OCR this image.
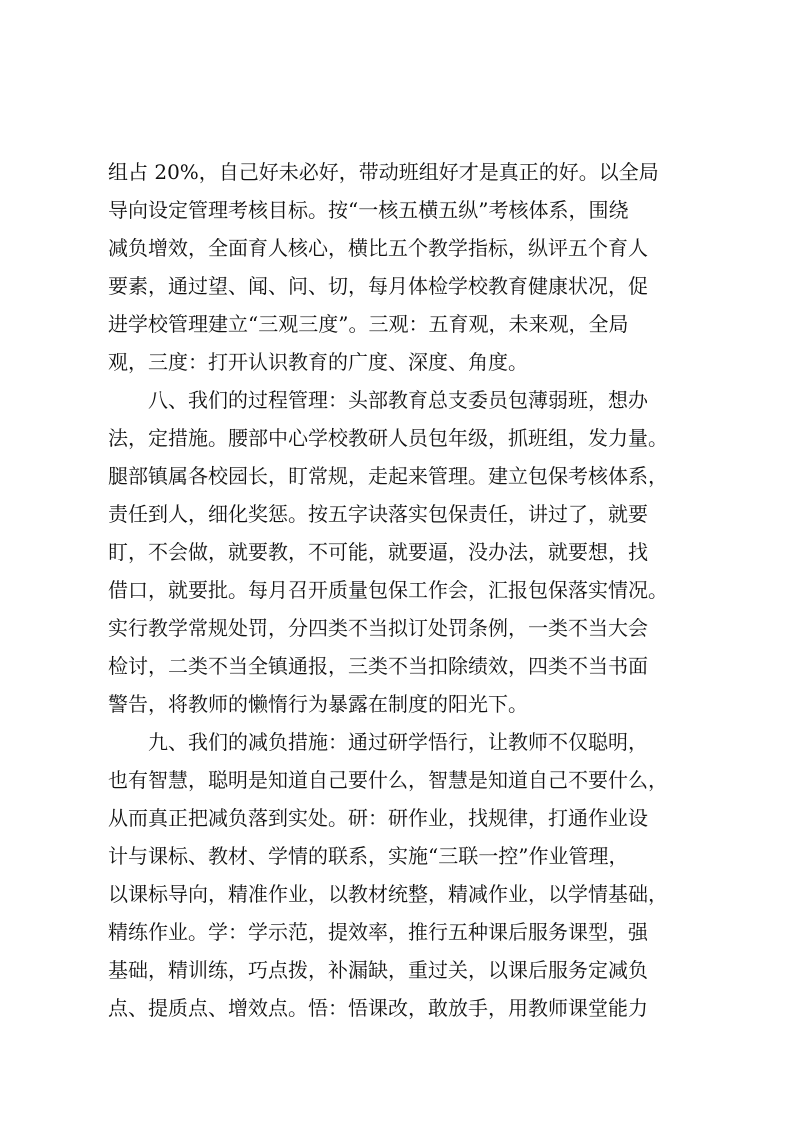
组占 20%，自己好未必好，带动班组好才是真正的好。以全局
导向设定管理考核目标。按“一核五横五纵”考核体系，围绕
减负增效，全面育人核心，横比五个教学指标，纵评五个育人
要素，通过望、闻、问、切，每月体检学校教育健康状况，促
进学校管理建立“三观三度”。三观：五育观，未来观，全局
观，三度：打开认识教育的广度、深度、角度。
八、我们的过程管理：头部教育总支委员包薄弱班，想办
法，定措施。腰部中心学校教研人员包年级，抓班组，发力量。
腿部镇属各校园长，盯常规，走起来管理。建立包保考核体系，
责任到人，细化奖惩。按五字诀落实包保责任，讲过了，就要
盯，不会做，就要教，不可能，就要逼，没办法，就要想，找
借口，就要批。每月召开质量包保工作会，汇报包保落实情况。
实行教学常规处罚，分四类不当拟订处罚条例，一类不当大会
检讨，二类不当全镇通报，三类不当扣除绩效，四类不当书面
警告，将教师的懒惰行为暴露在制度的阳光下。
九、我们的减负措施：通过研学悟行，让教师不仅聪明，
也有智慧，聪明是知道自己要什么，智慧是知道自己不要什么，
从而真正把减负落到实处。研：研作业，找规律，打通作业设
计与课标、教材、学情的联系，实施“三联一控”作业管理，
以课标导向，精准作业，以教材统整，精减作业，以学情基础，
精练作业。学：学示范，提效率，推行五种课后服务课型，强
基础，精训练，巧点拨，补漏缺，重过关，以课后服务定减负
点、提质点、增效点。悟：悟课改，敢放手，用教师课堂能力
